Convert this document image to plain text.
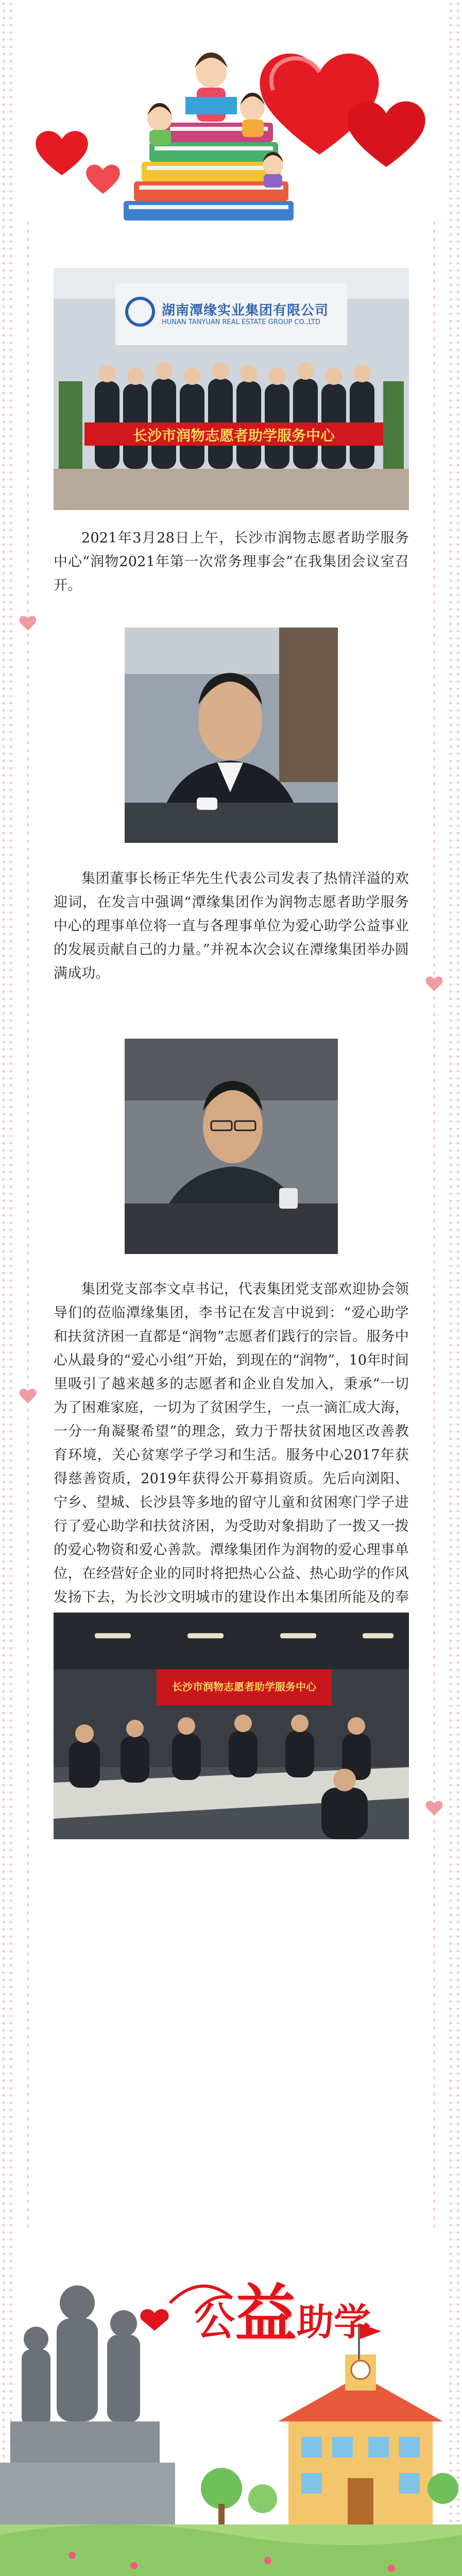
湖南潭缘实业集团有限公司
HUNAN TANYUAN REAL ESTATE GROUP CO.,LTD
长沙市润物志愿者助学服务中心

2021年3月28日上午，长沙市润物志愿者助学服务中心“润物2021年第一次常务理事会”在我集团会议室召开。

集团董事长杨正华先生代表公司发表了热情洋溢的欢迎词，在发言中强调“潭缘集团作为润物志愿者助学服务中心的理事单位将一直与各理事单位为爱心助学公益事业的发展贡献自己的力量。”并祝本次会议在潭缘集团举办圆满成功。

集团党支部李文卓书记，代表集团党支部欢迎协会领导们的莅临潭缘集团，李书记在发言中说到：“爱心助学和扶贫济困一直都是“润物”志愿者们践行的宗旨。服务中心从最身的“爱心小组”开始，到现在的“润物”，10年时间里吸引了越来越多的志愿者和企业自发加入，秉承“一切为了困难家庭，一切为了贫困学生，一点一滴汇成大海，一分一角凝聚希望”的理念，致力于帮扶贫困地区改善教育环境，关心贫寒学子学习和生活。服务中心2017年获得慈善资质，2019年获得公开募捐资质。先后向浏阳、宁乡、望城、长沙县等多地的留守儿童和贫困寒门学子进行了爱心助学和扶贫济困，为受助对象捐助了一拨又一拨的爱心物资和爱心善款。潭缘集团作为润物的爱心理事单位，在经营好企业的同时将把热心公益、热心助学的作风发扬下去，为长沙文明城市的建设作出本集团所能及的奉

长沙市润物志愿者助学服务中心

公 益 助学
